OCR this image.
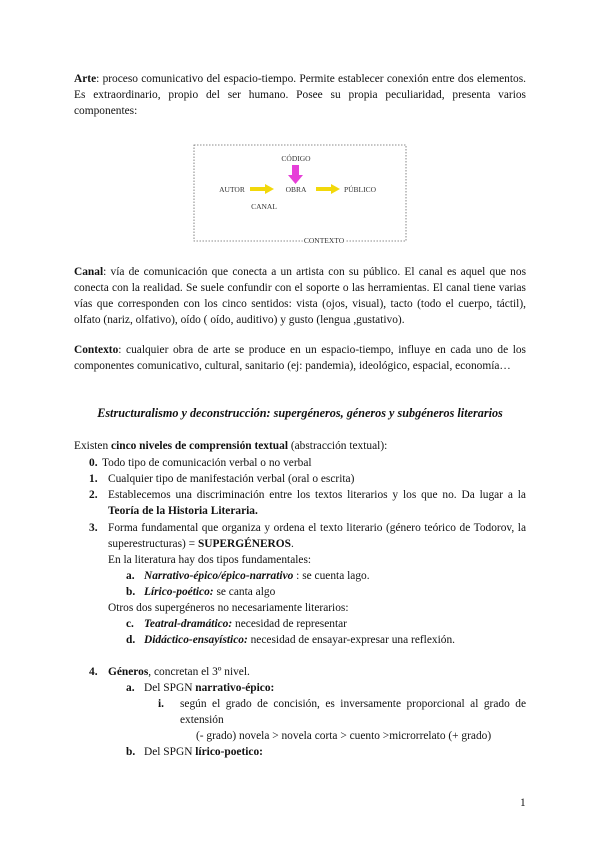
Arte: proceso comunicativo del espacio-tiempo. Permite establecer conexión entre dos elementos. Es extraordinario, propio del ser humano. Posee su propia peculiaridad, presenta varios componentes:

CÓDIGO
AUTOR	OBRA	PÚBLICO
CANAL
CONTEXTO

Canal: vía de comunicación que conecta a un artista con su público. El canal es aquel que nos conecta con la realidad. Se suele confundir con el soporte o las herramientas. El canal tiene varias vías que corresponden con los cinco sentidos: vista (ojos, visual), tacto (todo el cuerpo, táctil), olfato (nariz, olfativo), oído ( oído, auditivo) y gusto (lengua ,gustativo).

Contexto: cualquier obra de arte se produce en un espacio-tiempo, influye en cada uno de los componentes comunicativo, cultural, sanitario (ej: pandemia), ideológico, espacial, economía…

Estructuralismo y deconstrucción: supergéneros, géneros y subgéneros literarios

Existen cinco niveles de comprensión textual (abstracción textual):

0. Todo tipo de comunicación verbal o no verbal

1. Cualquier tipo de manifestación verbal (oral o escrita)

2. Establecemos una discriminación entre los textos literarios y los que no. Da lugar a la Teoría de la Historia Literaria.

3. Forma fundamental que organiza y ordena el texto literario (género teórico de Todorov, la superestructuras) = SUPERGÉNEROS.

En la literatura hay dos tipos fundamentales:

a. Narrativo-épico/épico-narrativo : se cuenta lago.

b. Lírico-poético: se canta algo

Otros dos supergéneros no necesariamente literarios:

c. Teatral-dramático: necesidad de representar

d. Didáctico-ensayístico: necesidad de ensayar-expresar una reflexión.

4. Géneros, concretan el 3º nivel.

a. Del SPGN narrativo-épico:

i. según el grado de concisión, es inversamente proporcional al grado de extensión

(- grado) novela > novela corta > cuento >microrrelato (+ grado)

b. Del SPGN lírico-poetico:

1
